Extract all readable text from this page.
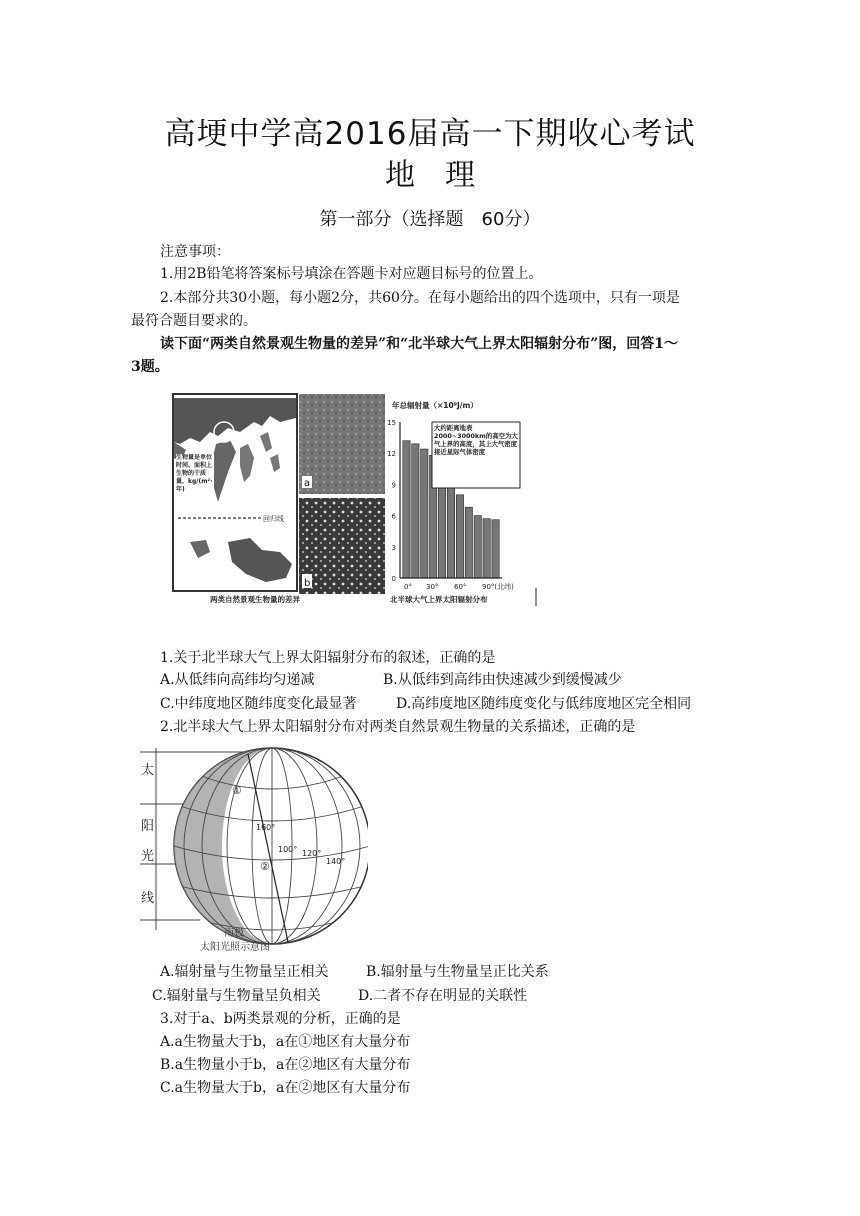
高埂中学高2016届高一下期收心考试
地　理
第一部分（选择题　60分）
注意事项：
1.用2B铅笔将答案标号填涂在答题卡对应题目标号的位置上。
2.本部分共30小题，每小题2分，共60分。在每小题给出的四个选项中，只有一项是
最符合题目要求的。
读下面“两类自然景观生物量的差异”和“北半球大气上界太阳辐射分布”图，回答1～
3题。
回归线
生物量是单位时间、面积上生物的干质量，kg/(m²·年)
两类自然景观生物量的差异
a
b
年总辐射量（×10⁹J/m）
大约距离地表2000~3000km的高空为大气上界的高度，其上大气密度接近星际气体密度
北半球大气上界太阳辐射分布
0
3
6
9
12
15
0° 30° 60° 90°(北纬)
1.关于北半球大气上界太阳辐射分布的叙述，正确的是
A.从低纬向高纬均匀递减	B.从低纬到高纬由快速减少到缓慢减少
C.中纬度地区随纬度变化最显著	D.高纬度地区随纬度变化与低纬度地区完全相同
2.北半球大气上界太阳辐射分布对两类自然景观生物量的关系描述，正确的是
太
阳
光
线
①
②
100° 120°
140°
160°
南极
太阳光照示意图
A.辐射量与生物量呈正相关	B.辐射量与生物量呈正比关系
C.辐射量与生物量呈负相关	D.二者不存在明显的关联性
3.对于a、b两类景观的分析，正确的是
A.a生物量大于b，a在①地区有大量分布
B.a生物量小于b，a在②地区有大量分布
C.a生物量大于b，a在②地区有大量分布
